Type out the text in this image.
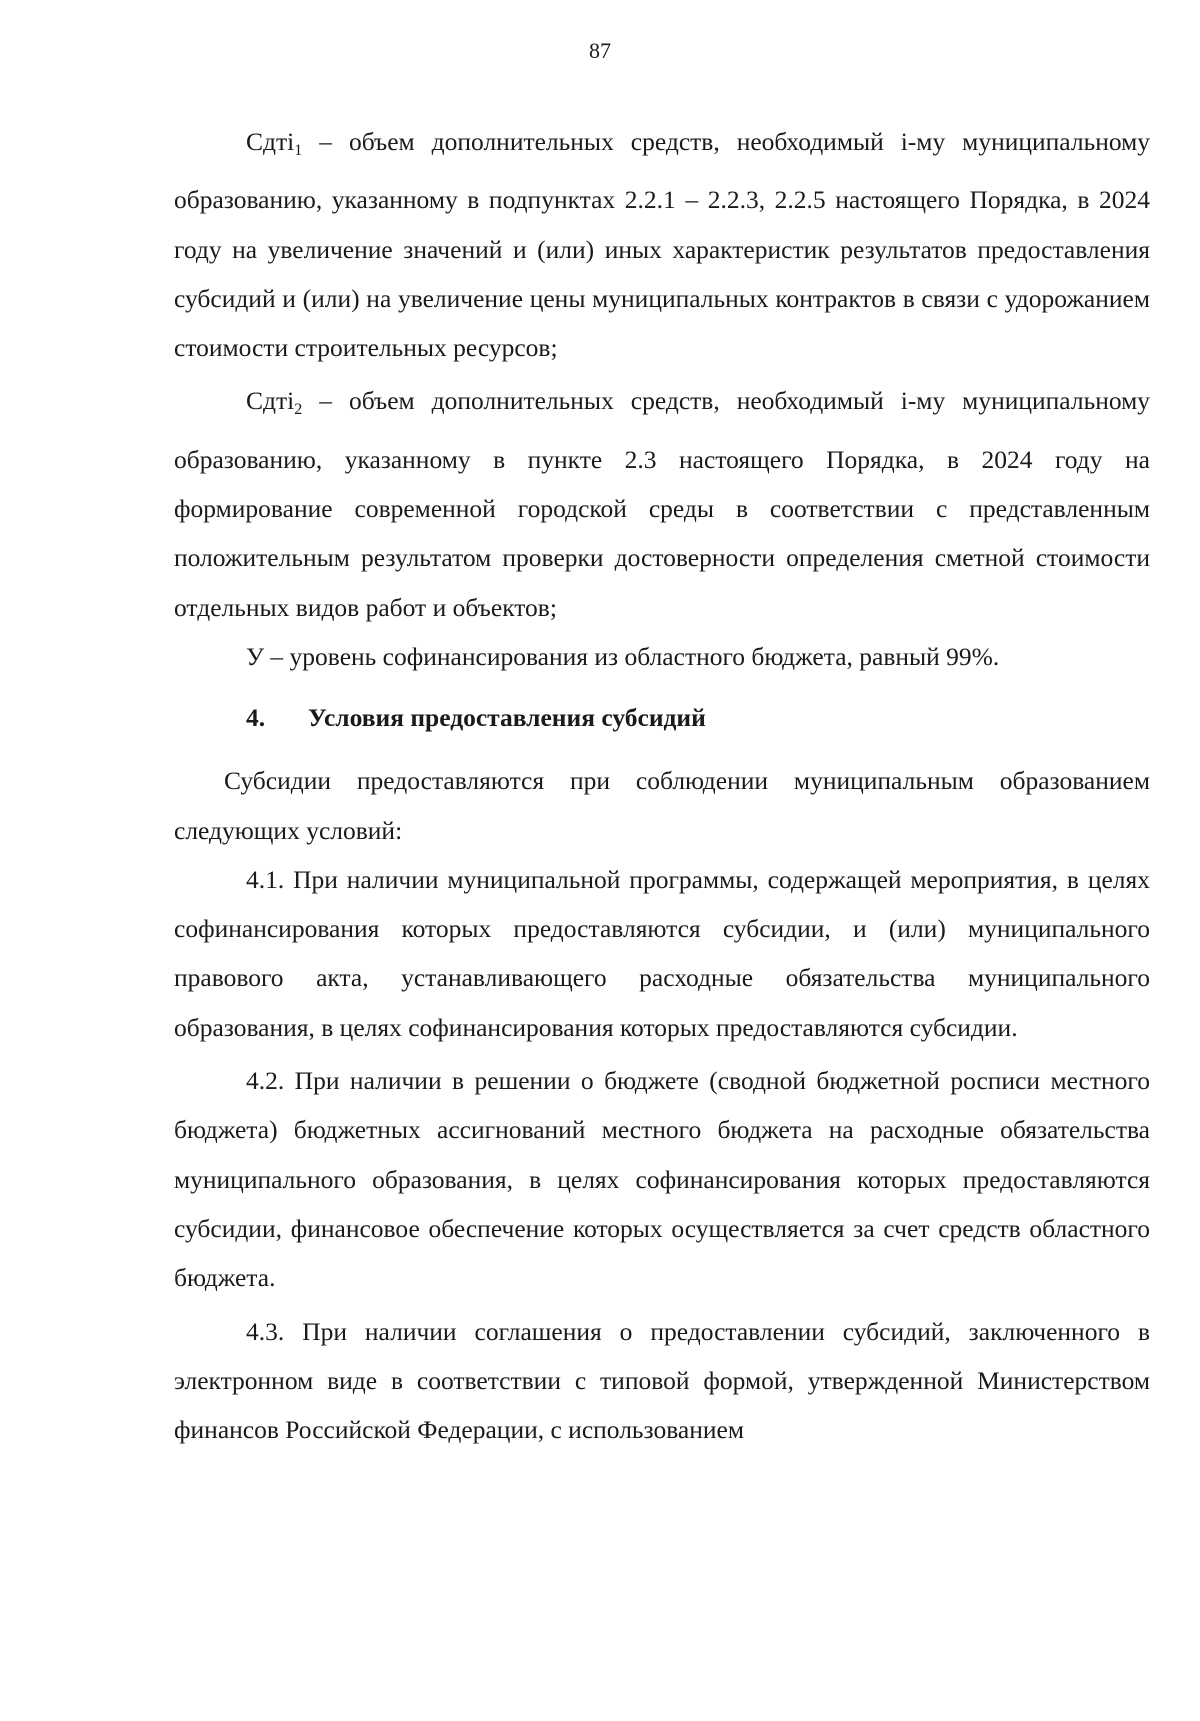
87

Сдтi$_1$ – объем дополнительных средств, необходимый i-му муниципальному образованию, указанному в подпунктах 2.2.1 – 2.2.3, 2.2.5 настоящего Порядка, в 2024 году на увеличение значений и (или) иных характеристик результатов предоставления субсидий и (или) на увеличение цены муниципальных контрактов в связи с удорожанием стоимости строительных ресурсов;

Сдтi$_2$ – объем дополнительных средств, необходимый i-му муниципальному образованию, указанному в пункте 2.3 настоящего Порядка, в 2024 году на формирование современной городской среды в соответствии с представленным положительным результатом проверки достоверности определения сметной стоимости отдельных видов работ и объектов;

У – уровень софинансирования из областного бюджета, равный 99%.

4. Условия предоставления субсидий

Субсидии предоставляются при соблюдении муниципальным образованием следующих условий:

4.1. При наличии муниципальной программы, содержащей мероприятия, в целях софинансирования которых предоставляются субсидии, и (или) муниципального правового акта, устанавливающего расходные обязательства муниципального образования, в целях софинансирования которых предоставляются субсидии.

4.2. При наличии в решении о бюджете (сводной бюджетной росписи местного бюджета) бюджетных ассигнований местного бюджета на расходные обязательства муниципального образования, в целях софинансирования которых предоставляются субсидии, финансовое обеспечение которых осуществляется за счет средств областного бюджета.

4.3. При наличии соглашения о предоставлении субсидий, заключенного в электронном виде в соответствии с типовой формой, утвержденной Министерством финансов Российской Федерации, с использованием
